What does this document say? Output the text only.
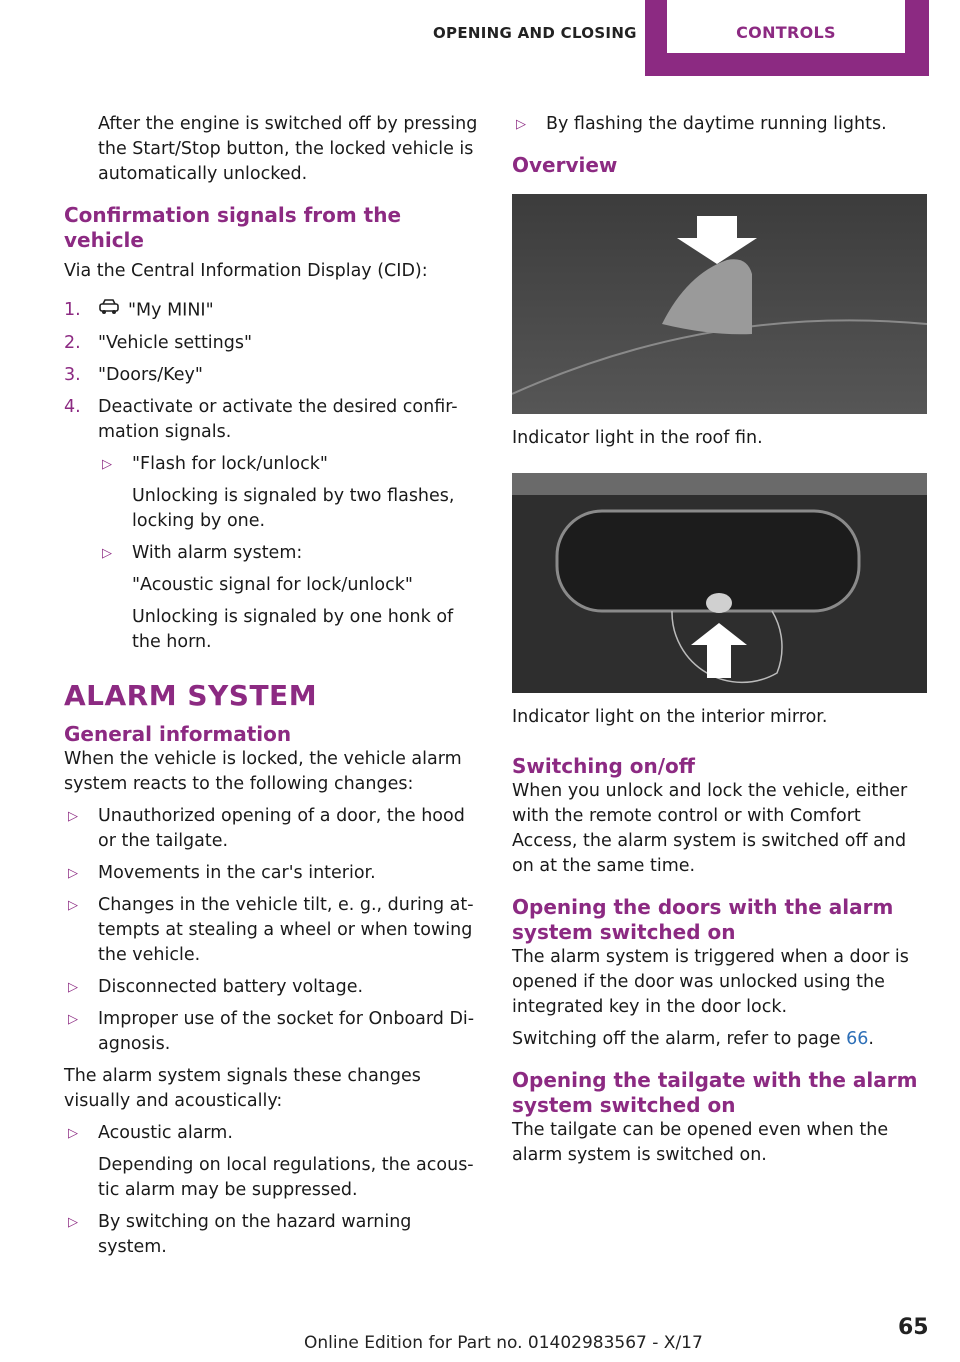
OPENING AND CLOSING	CONTROLS

After the engine is switched off by pressing the Start/Stop button, the locked vehicle is automatically unlocked.

Confirmation signals from the vehicle

Via the Central Information Display (CID):

1.	"My MINI"
2. "Vehicle settings"
3. "Doors/Key"
4. Deactivate or activate the desired confir-mation signals.
▷ "Flash for lock/unlock"
Unlocking is signaled by two flashes, locking by one.
▷ With alarm system:
"Acoustic signal for lock/unlock"
Unlocking is signaled by one honk of the horn.
ALARM SYSTEM
General information

When the vehicle is locked, the vehicle alarm system reacts to the following changes:

▷ Unauthorized opening of a door, the hood or the tailgate.
▷ Movements in the car's interior.
▷ Changes in the vehicle tilt, e. g., during at-tempts at stealing a wheel or when towing the vehicle.
▷ Disconnected battery voltage.
▷ Improper use of the socket for Onboard Di-agnosis.

The alarm system signals these changes visually and acoustically:

▷ Acoustic alarm.
Depending on local regulations, the acous-tic alarm may be suppressed.
▷ By switching on the hazard warning system.
▷ By flashing the daytime running lights.
Overview

Indicator light in the roof fin.

Indicator light on the interior mirror.

Switching on/off

When you unlock and lock the vehicle, either with the remote control or with Comfort Access, the alarm system is switched off and on at the same time.

Opening the doors with the alarm system switched on

The alarm system is triggered when a door is opened if the door was unlocked using the integrated key in the door lock.

Switching off the alarm, refer to page 66.

Opening the tailgate with the alarm system switched on

The tailgate can be opened even when the alarm system is switched on.

Online Edition for Part no. 01402983567 - X/17
65
